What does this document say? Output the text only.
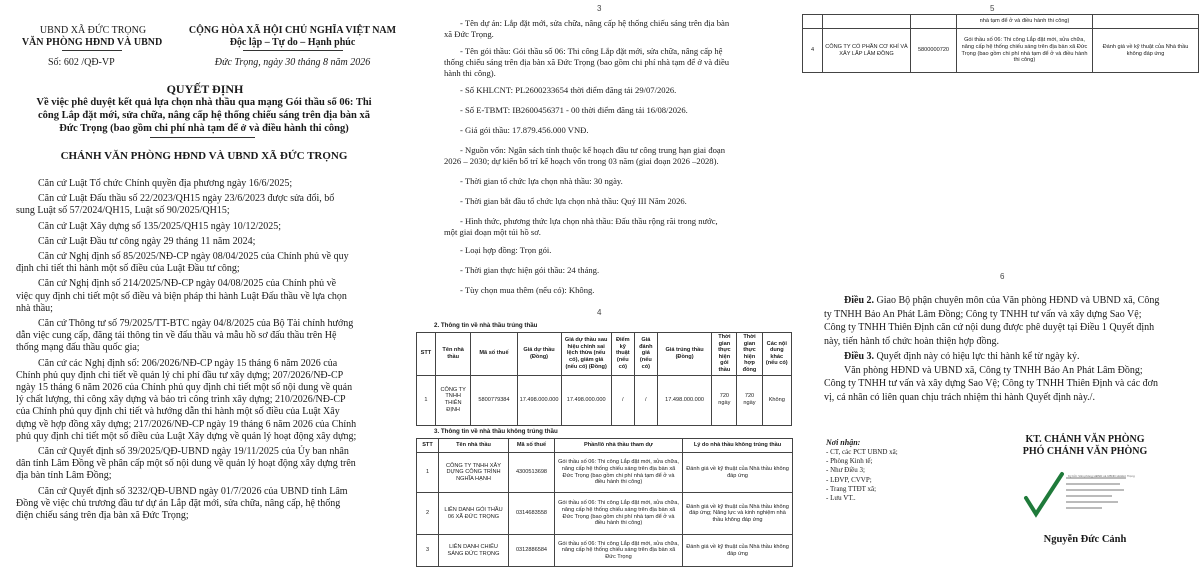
UBND XÃ ĐỨC TRỌNG
VĂN PHÒNG HĐND VÀ UBND
Số: 602 /QĐ-VP
CỘNG HÒA XÃ HỘI CHỦ NGHĨA VIỆT NAM
Độc lập – Tự do – Hạnh phúc
Đức Trọng, ngày 30 tháng 8 năm 2026
QUYẾT ĐỊNH
Về việc phê duyệt kết quả lựa chọn nhà thầu qua mạng Gói thầu số 06: Thi
công Lắp đặt mới, sửa chữa, nâng cấp hệ thống chiếu sáng trên địa bàn xã
Đức Trọng (bao gồm chi phí nhà tạm để ở và điều hành thi công)
CHÁNH VĂN PHÒNG HĐND VÀ UBND XÃ ĐỨC TRỌNG
Căn cứ Luật Tổ chức Chính quyền địa phương ngày 16/6/2025;
Căn cứ Luật Đấu thầu số 22/2023/QH15 ngày 23/6/2023 được sửa đổi, bổ
sung Luật số 57/2024/QH15, Luật số 90/2025/QH15;
Căn cứ Luật Xây dựng số 135/2025/QH15 ngày 10/12/2025;
Căn cứ Luật Đầu tư công ngày 29 tháng 11 năm 2024;
Căn cứ Nghị định số 85/2025/NĐ-CP ngày 08/04/2025 của Chính phủ về quy
định chi tiết thi hành một số điều của Luật Đầu tư công;
Căn cứ Nghị định số 214/2025/NĐ-CP ngày 04/08/2025 của Chính phủ về
việc quy định chi tiết một số điều và biện pháp thi hành Luật Đấu thầu về lựa chọn
nhà thầu;
Căn cứ Thông tư số 79/2025/TT-BTC ngày 04/8/2025 của Bộ Tài chính hướng
dẫn việc cung cấp, đăng tải thông tin về đấu thầu và mẫu hồ sơ đấu thầu trên Hệ
thống mạng đấu thầu quốc gia;
Căn cứ các Nghị định số: 206/2026/NĐ-CP ngày 15 tháng 6 năm 2026 của
Chính phủ quy định chi tiết về quản lý chi phí đầu tư xây dựng; 207/2026/NĐ-CP
ngày 15 tháng 6 năm 2026 của Chính phủ quy định chi tiết một số nội dung về quản
lý chất lượng, thi công xây dựng và bảo trì công trình xây dựng; 210/2026/NĐ-CP
của Chính phủ quy định chi tiết và hướng dẫn thi hành một số điều của Luật Xây
dựng về hợp đồng xây dựng; 217/2026/NĐ-CP ngày 19 tháng 6 năm 2026 của Chính
phủ quy định chi tiết một số điều của Luật Xây dựng về quản lý hoạt động xây dựng;
Căn cứ Quyết định số 39/2025/QĐ-UBND ngày 19/11/2025 của Ủy ban nhân
dân tỉnh Lâm Đồng về phân cấp một số nội dung về quản lý hoạt động xây dựng trên
địa bàn tỉnh Lâm Đồng;
Căn cứ Quyết định số 3232/QĐ-UBND ngày 01/7/2026 của UBND tỉnh Lâm
Đồng về việc chủ trương đầu tư dự án Lắp đặt mới, sửa chữa, nâng cấp, hệ thống
điện chiếu sáng trên địa bàn xã Đức Trọng;
3
- Tên dự án: Lắp đặt mới, sửa chữa, nâng cấp hệ thống chiếu sáng trên địa bàn
xã Đức Trọng.
- Tên gói thầu: Gói thầu số 06: Thi công Lắp đặt mới, sửa chữa, nâng cấp hệ
thống chiếu sáng trên địa bàn xã Đức Trọng (bao gồm chi phí nhà tạm để ở và điều
hành thi công).
- Số KHLCNT: PL2600233654 thời điểm đăng tải 29/07/2026.
- Số E-TBMT: IB2600456371 - 00 thời điểm đăng tải 16/08/2026.
- Giá gói thầu: 17.879.456.000 VNĐ.
- Nguồn vốn: Ngân sách tỉnh thuộc kế hoạch đầu tư công trung hạn giai đoạn
2026 – 2030; dự kiến bố trí kế hoạch vốn trong 03 năm (giai đoạn 2026 –2028).
- Thời gian tổ chức lựa chọn nhà thầu: 30 ngày.
- Thời gian bắt đầu tổ chức lựa chọn nhà thầu: Quý III Năm 2026.
- Hình thức, phương thức lựa chọn nhà thầu: Đấu thầu rộng rãi trong nước,
một giai đoạn một túi hồ sơ.
- Loại hợp đồng: Trọn gói.
- Thời gian thực hiện gói thầu: 24 tháng.
- Tùy chọn mua thêm (nếu có): Không.
4
2. Thông tin về nhà thầu trúng thầu
STT	Tên nhà thầu	Mã số thuế	Giá dự thầu (Đồng)	Giá dự thầu sau hiệu chỉnh sai lệch thừa (nếu có), giảm giá (nếu có) (Đồng)	Điểm kỹ thuật (nếu có)	Giá đánh giá (nếu có)	Giá trúng thầu (Đồng)	Thời gian thực hiện gói thầu	Thời gian thực hiện hợp đồng	Các nội dung khác (nếu có)
1	CÔNG TY TNHH THIÊN ĐỊNH	5800779384	17.498.000.000	17.498.000.000	/	/	17.498.000.000	720 ngày	720 ngày	Không
3. Thông tin về nhà thầu không trúng thầu
STT	Tên nhà thầu	Mã số thuế	Phần/lô nhà thầu tham dự	Lý do nhà thầu không trúng thầu
1	CÔNG TY TNHH XÂY DỰNG CÔNG TRÌNH NGHĨA HẠNH	4300513698	Gói thầu số 06: Thi công Lắp đặt mới, sửa chữa, nâng cấp hệ thống chiếu sáng trên địa bàn xã Đức Trọng (bao gồm chi phí nhà tạm để ở và điều hành thi công)	Đánh giá về kỹ thuật của Nhà thầu không đáp ứng
2	LIÊN DANH GÓI THẦU 06 XÃ ĐỨC TRỌNG	0314683558	Gói thầu số 06: Thi công Lắp đặt mới, sửa chữa, nâng cấp hệ thống chiếu sáng trên địa bàn xã Đức Trọng (bao gồm chi phí nhà tạm để ở và điều hành thi công)	Đánh giá về kỹ thuật của Nhà thầu không đáp ứng; Năng lực và kinh nghiệm nhà thầu không đáp ứng
3	LIÊN DANH CHIẾU SÁNG ĐỨC TRỌNG	0312886584	Gói thầu số 06: Thi công Lắp đặt mới, sửa chữa, nâng cấp hệ thống chiếu sáng trên địa bàn xã Đức Trọng	Đánh giá về kỹ thuật của Nhà thầu không đáp ứng
5
			nhà tạm để ở và điều hành thi công)	
4	CÔNG TY CỔ PHẦN CƠ KHÍ VÀ XÂY LẮP LÂM ĐỒNG	5800000720	Gói thầu số 06: Thi công Lắp đặt mới, sửa chữa, nâng cấp hệ thống chiếu sáng trên địa bàn xã Đức Trọng (bao gồm chi phí nhà tạm để ở và điều hành thi công)	Đánh giá về kỹ thuật của Nhà thầu không đáp ứng
6
Điều 2. Giao Bộ phận chuyên môn của Văn phòng HĐND và UBND xã, Công
ty TNHH Bảo An Phát Lâm Đồng; Công ty TNHH tư vấn và xây dựng Sao Vệ;
Công ty TNHH Thiên Định căn cứ nội dung được phê duyệt tại Điều 1 Quyết định
này, tiến hành tổ chức hoàn thiện hợp đồng.
Điều 3. Quyết định này có hiệu lực thi hành kể từ ngày ký.
Văn phòng HĐND và UBND xã, Công ty TNHH Bảo An Phát Lâm Đồng;
Công ty TNHH tư vấn và xây dựng Sao Vệ; Công ty TNHH Thiên Định và các đơn
vị, cá nhân có liên quan chịu trách nhiệm thi hành Quyết định này./.
Nơi nhận:
- CT, các PCT UBND xã;
- Phòng Kinh tế;
- Như Điều 3;
- LĐVP, CVVP;
- Trang TTĐT xã;
- Lưu VT..
KT. CHÁNH VĂN PHÒNG
PHÓ CHÁNH VĂN PHÒNG
Ký bởi: Văn phòng HĐND và UBND xã Đức Trọng
Nguyễn Đức Cảnh
